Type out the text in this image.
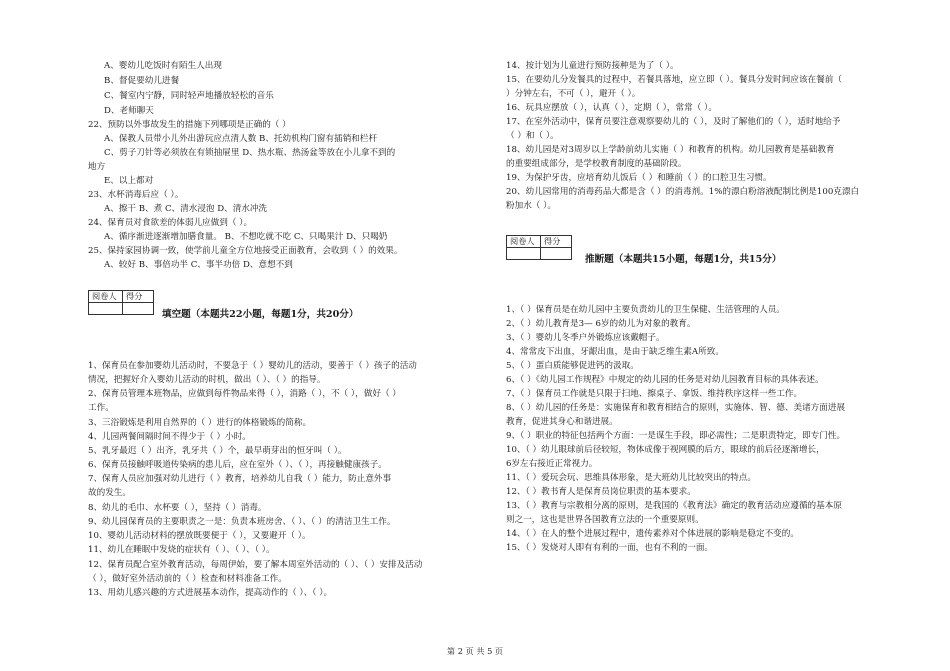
A、婴幼儿吃饭时有陌生人出现
B、督促要幼儿进餐
C、餐室内宁静，同时轻声地播放轻松的音乐
D、老师聊天
22、预防以外事故发生的措施下列哪项是正确的（ ）
A、保教人员带小儿外出游玩应点清人数 B、托幼机构门窗有插销和栏杆
C、剪子刀针等必须放在有锁抽屉里 D、热水瓶、热汤盆等放在小儿拿不到的
地方
E、以上都对
23、水杯消毒后应（ ）。
A、擦干 B、煮 C、清水浸泡 D、清水冲洗
24、保育员对食欲差的体弱儿应做到（ ）。
A、循序渐进逐渐增加膳食量。 B、不想吃就不吃 C、只喝果汁 D、只喝奶
25、保持家园协调一致，使学前儿童全方位地接受正面教育，会收到（ ）的效果。
A、较好 B、事倍功半 C、事半功倍 D、意想不到
阅卷人	得分
填空题（本题共22小题，每题1分，共20分）
1、保育员在参加婴幼儿活动时，不要急于（ ）婴幼儿的活动，要善于（ ）孩子的活动
情况，把握好介入婴幼儿活动的时机，做出（ ）、（ ）的指导。
2、保育员管理本班物品，应做到每件物品来得（ ），消路（ ），不（ ），做好（ ）
工作。
3、三浴锻炼是利用自然界的（ ）进行的体格锻炼的简称。
4、儿园两餐间隔时间不得少于（ ）小时。
5、乳牙最迟（ ）出齐，乳牙共（ ）个，最早萌芽出的恒牙叫（ ）。
6、保育员接触呼吸道传染病的患儿后，应在室外（ ）、（ ），再接触健康孩子。
7、保育人员应加强对幼儿进行（ ）教育，培养幼儿自我（ ）能力，防止意外事
故的发生。
8、幼儿的毛巾、水杯要（ ），坚持（ ）消毒。
9、幼儿园保育员的主要职责之一是：负责本班房舍、（ ）、（ ）的清洁卫生工作。
10、婴幼儿活动材料的摆放既要便于（ ），又要避开（ ）。
11、幼儿在睡眠中发烧的症状有（ ）、（ ）、（ ）。
12、保育员配合室外教育活动，每周伊始，要了解本周室外活动的（ ）、（ ）安排及活动
（ ），做好室外活动前的（ ）检查和材料准备工作。
13、用幼儿感兴趣的方式进展基本动作，提高动作的（ ）、（ ）。
14、按计划为儿童进行预防接种是为了（ ）。
15、在要幼儿分发餐具的过程中，若餐具落地，应立即（ ）。餐具分发时间应该在餐前（
）分钟左右，不可（ ），避开（ ）。
16、玩具应摆放（ ），认真（ ），定期（ ），常常（ ）。
17、在室外活动中，保育员要注意观察要幼儿的（ ），及时了解他们的（ ），适时地给予
（ ）和（ ）。
18、幼儿园是对3周岁以上学龄前幼儿实施（ ）和教育的机构。幼儿园教育是基础教育
的重要组成部分，是学校教育制度的基础阶段。
19、为保护牙齿，应培育幼儿饭后（ ）和睡前（ ）的口腔卫生习惯。
20、幼儿园常用的消毒药品大都是含（ ）的消毒剂。1%的漂白粉溶液配制比例是100克漂白
粉加水（ ）。
阅卷人	得分
推断题（本题共15小题，每题1分，共15分）
1、（ ）保育员是在幼儿园中主要负责幼儿的卫生保健、生活管理的人员。
2、（ ）幼儿教育是3— 6岁的幼儿为对象的教育。
3、（ ）婴幼儿冬季户外锻炼应该戴帽子。
4、常常皮下出血，牙龈出血，是由于缺乏维生素A所致。
5、（ ）蛋白质能够促进钙的汲取。
6、（ ）《幼儿园工作规程》中规定的幼儿园的任务是对幼儿园教育目标的具体表述。
7、（ ）保育员工作就是只限于扫地、擦桌子、拿饭、维持秩序这样一些工作。
8、（ ）幼儿园的任务是：实施保育和教育相结合的原则，实施体、智、德、美诸方面进展
教育，促进其身心和谐进展。
9、（ ）职业的特征包括两个方面：一是谋生手段，即必需性；二是职责特定，即专门性。
10、（ ）幼儿眼球前后径较短，物体成像于视网膜的后方，眼球的前后径逐渐增长，
6岁左右接近正常视力。
11、（ ）爱玩会玩、思维具体形象，是大班幼儿比较突出的特点。
12、（ ）教书育人是保育员岗位职责的基本要求。
13、（ ）教育与宗教相分离的原则，是我国的《教育法》确定的教育活动应遵循的基本原
则之一，这也是世界各国教育立法的一个重要原则。
14、（ ）在人的整个进展过程中，遗传素养对个体进展的影响是稳定不变的。
15、（ ）发烧对人即有有利的一面，也有不利的一面。
第 2 页 共 5 页
